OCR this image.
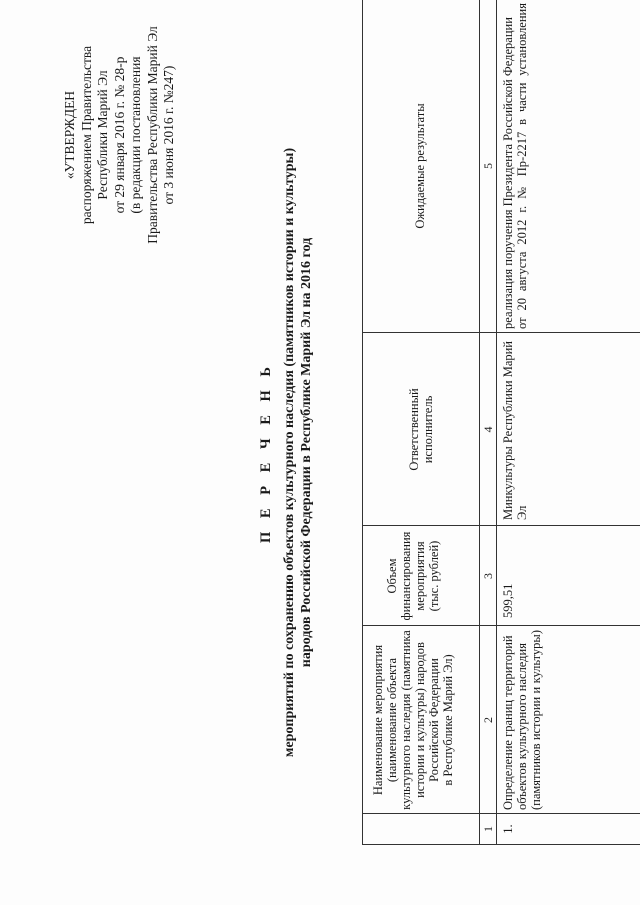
«УТВЕРЖДЕН распоряжением Правительства Республики Марий Эл от 29 января 2016 г. № 28-р (в редакции постановления Правительства Республики Марий Эл от 3 июня 2016 г. №247)
П Е Р Е Ч Е Н Ь мероприятий по сохранению объектов культурного наследия (памятников истории и культуры) народов Российской Федерации в Республике Марий Эл на 2016 год
Наименование мероприятия
(наименование объекта
культурного наследия (памятника
истории и культуры) народов
Российской Федерации
в Республике Марий Эл)
Объем
финансирования
мероприятия
(тыс. рублей)
Ответственный
исполнитель
Ожидаемые результаты
1
2
3
4
5
1.
Определение границ территорий объектов культурного наследия (памятников истории и культуры)
599,51
Минкультуры Республики Марий Эл
реализация поручения Президента Российской Федерации от 20 августа 2012 г. № Пр-2217 в части установления
